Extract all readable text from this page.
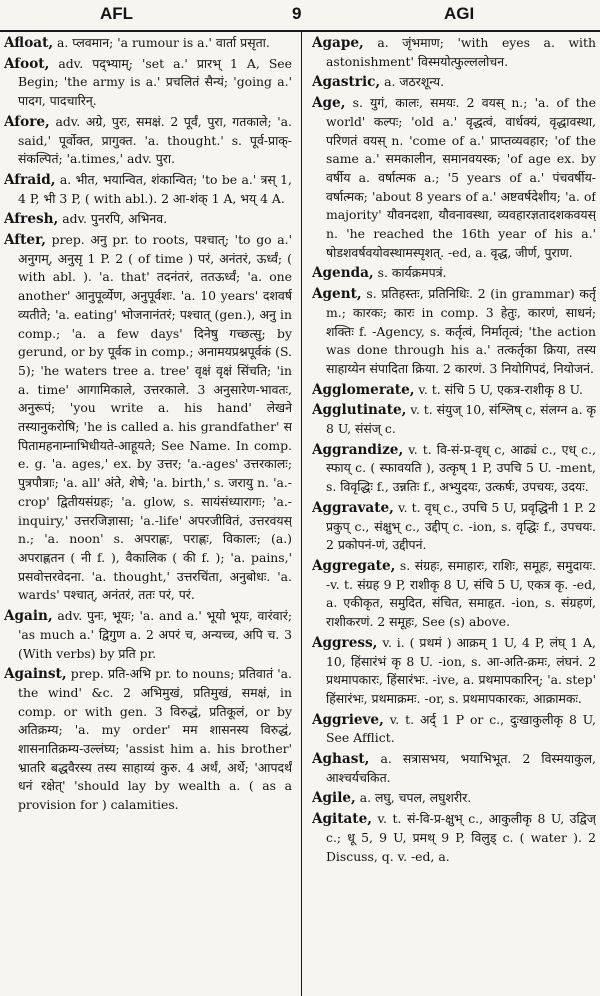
AFL	9	AGI

Afloat, a. प्लवमान; 'a rumour is a.' वार्ता प्रसृता.

Afoot, adv. पद्भ्याम्; 'set a.' प्रारभ् 1 A, See Begin; 'the army is a.' प्रचलितं सैन्यं; 'going a.' पादग, पादचारिन्.

Afore, adv. अग्रे, पुरः, समक्षं. 2 पूर्वं, पुरा, गतकाले; 'a. said,' पूर्वोक्त, प्रागुक्त. 'a. thought.' s. पूर्व-प्राक्-संकल्पितं; 'a.times,' adv. पुरा.

Afraid, a. भीत, भयान्वित, शंकान्वित; 'to be a.' त्रस् 1, 4 P, भी 3 P, ( with abl.). 2 आ-शंक् 1 A, भय् 4 A.

Afresh, adv. पुनरपि, अभिनव.

After, prep. अनु pr. to roots, पश्चात्; 'to go a.' अनुगम्, अनुसृ 1 P. 2 ( of time ) परं, अनंतरं, ऊर्ध्वं; ( with abl. ). 'a. that' तदनंतरं, ततऊर्ध्वं; 'a. one another' आनुपूर्व्येण, अनुपूर्वशः. 'a. 10 years' दशवर्ष व्यतीते; 'a. eating' भोजनानंतरं; पश्चात् (gen.), अनु in comp.; 'a. a few days' दिनेषु गच्छत्सु; by gerund, or by पूर्वक in comp.; अनामयप्रश्नपूर्वकं (S. 5); 'he waters tree a. tree' वृक्षं वृक्षं सिंचति; 'in a. time' आगामिकाले, उत्तरकाले. 3 अनुसारेण-भावतः, अनुरूपं; 'you write a. his hand' लेखने तस्यानुकरोषि; 'he is called a. his grandfather' स पितामहनाम्नाभिधीयते-आहूयते; See Name. In comp. e. g. 'a. ages,' ex. by उत्तर; 'a.-ages' उत्तरकालः; पुत्रपौत्राः; 'a. all' अंते, शेषे; 'a. birth,' s. जरायु n. 'a.-crop' द्वितीयसंग्रहः; 'a. glow, s. सायंसंध्यारागः; 'a.-inquiry,' उत्तरजिज्ञासा; 'a.-life' अपरजीवितं, उत्तरवयस् n.; 'a. noon' s. अपराह्णः, पराह्णः, विकालः; (a.) अपराह्णतन ( नी f. ), वैकालिक ( की f. ); 'a. pains,' प्रसवोत्तरवेदना. 'a. thought,' उत्तरचिंता, अनुबोधः. 'a. wards' पश्चात्, अनंतरं, ततः परं, परं.

Again, adv. पुनः, भूयः; 'a. and a.' भूयो भूयः, वारंवारं; 'as much a.' द्विगुण a. 2 अपरं च, अन्यच्च, अपि च. 3 (With verbs) by प्रति pr.

Against, prep. प्रति-अभि pr. to nouns; प्रतिवातं 'a. the wind' &c. 2 अभिमुखं, प्रतिमुखं, समक्षं, in comp. or with gen. 3 विरुद्धं, प्रतिकूलं, or by अतिक्रम्य; 'a. my order' मम शासनस्य विरुद्धं, शासनातिक्रम्य-उल्लंघ्य; 'assist him a. his brother' भ्रातरि बद्धवैरस्य तस्य साहाय्यं कुरु. 4 अर्थं, अर्थे; 'आपदर्थं धनं रक्षेत्' 'should lay by wealth a. ( as a provision for ) calamities.

Agape, a. जृंभमाण; 'with eyes a. with astonishment' विस्मयोत्फुल्ललोचन.

Agastric, a. जठरशून्य.

Age, s. युगं, कालः, समयः. 2 वयस् n.; 'a. of the world' कल्पः; 'old a.' वृद्धत्वं, वार्धक्यं, वृद्धावस्था, परिणतं वयस् n. 'come of a.' प्राप्तव्यवहार; 'of the same a.' समकालीन, समानवयस्क; 'of age ex. by वर्षीय a. वर्षात्मक a.; '5 years of a.' पंचवर्षीय-वर्षात्मक; 'about 8 years of a.' अष्टवर्षदेशीय; 'a. of majority' यौवनदशा, यौवनावस्था, व्यवहारज्ञतादशकवयस् n. 'he reached the 16th year of his a.' षोडशवर्षवयोवस्थामस्पृशत्. -ed, a. वृद्ध, जीर्ण, पुराण.

Agenda, s. कार्यक्रमपत्रं.

Agent, s. प्रतिहस्तः, प्रतिनिधिः. 2 (in grammar) कर्तृ m.; कारकः; कारः in comp. 3 हेतुः, कारणं, साधनं; शक्तिः f. -Agency, s. कर्तृत्वं, निर्मातृत्वं; 'the action was done through his a.' तत्कर्तृका क्रिया, तस्य साहाय्येन संपादिता क्रिया. 2 कारणं. 3 नियोगिपदं, नियोजनं.

Agglomerate, v. t. संचि 5 U, एकत्र-राशीकृ 8 U.

Agglutinate, v. t. संयुज् 10, संश्लिष् c, संलग्न a. कृ 8 U, संसंज् c.

Aggrandize, v. t. वि-सं-प्र-वृध् c, आढ्यं c., एध् c., स्फाय् c. ( स्फावयति ), उत्कृष् 1 P, उपचि 5 U. -ment, s. विवृद्धिः f., उन्नतिः f., अभ्युदयः, उत्कर्षः, उपचयः, उदयः.

Aggravate, v. t. वृध् c., उपचि 5 U, प्रवृद्धिनी 1 P. 2 प्रकुप् c., संक्षुभ् c., उद्दीप् c. -ion, s. वृद्धिः f., उपचयः. 2 प्रकोपनं-णं, उद्दीपनं.

Aggregate, s. संग्रहः, समाहारः, राशिः, समूहः, समुदायः. -v. t. संग्रह 9 P, राशीकृ 8 U, संचि 5 U, एकत्र कृ. -ed, a. एकीकृत, समुदित, संचित, समाहृत. -ion, s. संग्रहणं, राशीकरणं. 2 समूहः, See (s) above.

Aggress, v. i. ( प्रथमं ) आक्रम् 1 U, 4 P, लंघ् 1 A, 10, हिंसारंभं कृ 8 U. -ion, s. आ-अति-क्रमः, लंघनं. 2 प्रथमापकारः, हिंसारंभः. -ive, a. प्रथमापकारिन्; 'a. step' हिंसारंभः, प्रथमाक्रमः. -or, s. प्रथमापकारकः, आक्रामकः.

Aggrieve, v. t. अर्द् 1 P or c., दुःखाकुलीकृ 8 U, See Afflict.

Aghast, a. सत्रासभय, भयाभिभूत. 2 विस्मयाकुल, आश्चर्यचकित.

Agile, a. लघु, चपल, लघुशरीर.

Agitate, v. t. सं-वि-प्र-क्षुभ् c., आकुलीकृ 8 U, उद्विज् c.; धू 5, 9 U, प्रमथ् 9 P, विलुड् c. ( water ). 2 Discuss, q. v. -ed, a.
